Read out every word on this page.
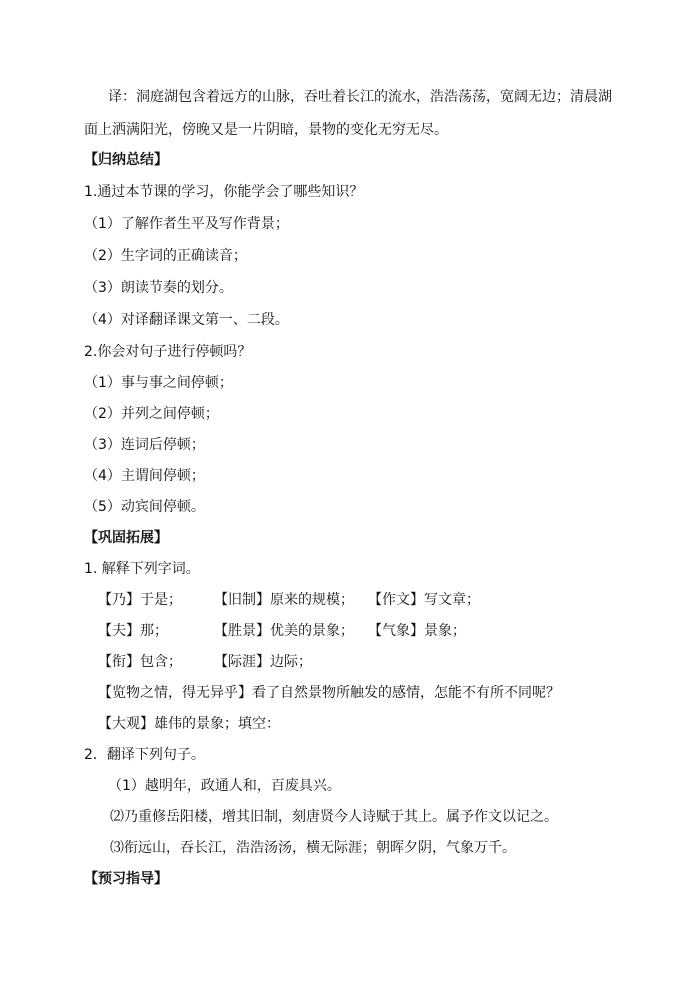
译：洞庭湖包含着远方的山脉，吞吐着长江的流水，浩浩荡荡，宽阔无边；清晨湖
面上洒满阳光，傍晚又是一片阴暗，景物的变化无穷无尽。
【归纳总结】
1.通过本节课的学习，你能学会了哪些知识？
（1）了解作者生平及写作背景；
（2）生字词的正确读音；
（3）朗读节奏的划分。
（4）对译翻译课文第一、二段。
2.你会对句子进行停顿吗？
（1）事与事之间停顿；
（2）并列之间停顿；
（3）连词后停顿；
（4）主谓间停顿；
（5）动宾间停顿。
【巩固拓展】
1. 解释下列字词。
【乃】于是； 【旧制】原来的规模； 【作文】写文章；
【夫】那；	【胜景】优美的景象； 【气象】景象；
【衔】包含； 【际涯】边际；
【览物之情，得无异乎】看了自然景物所触发的感情，怎能不有所不同呢？
【大观】雄伟的景象；填空：
2．翻译下列句子。
（1）越明年，政通人和，百废具兴。
⑵乃重修岳阳楼，增其旧制，刻唐贤今人诗赋于其上。属予作文以记之。
⑶衔远山，吞长江，浩浩汤汤，横无际涯；朝晖夕阴，气象万千。
【预习指导】
